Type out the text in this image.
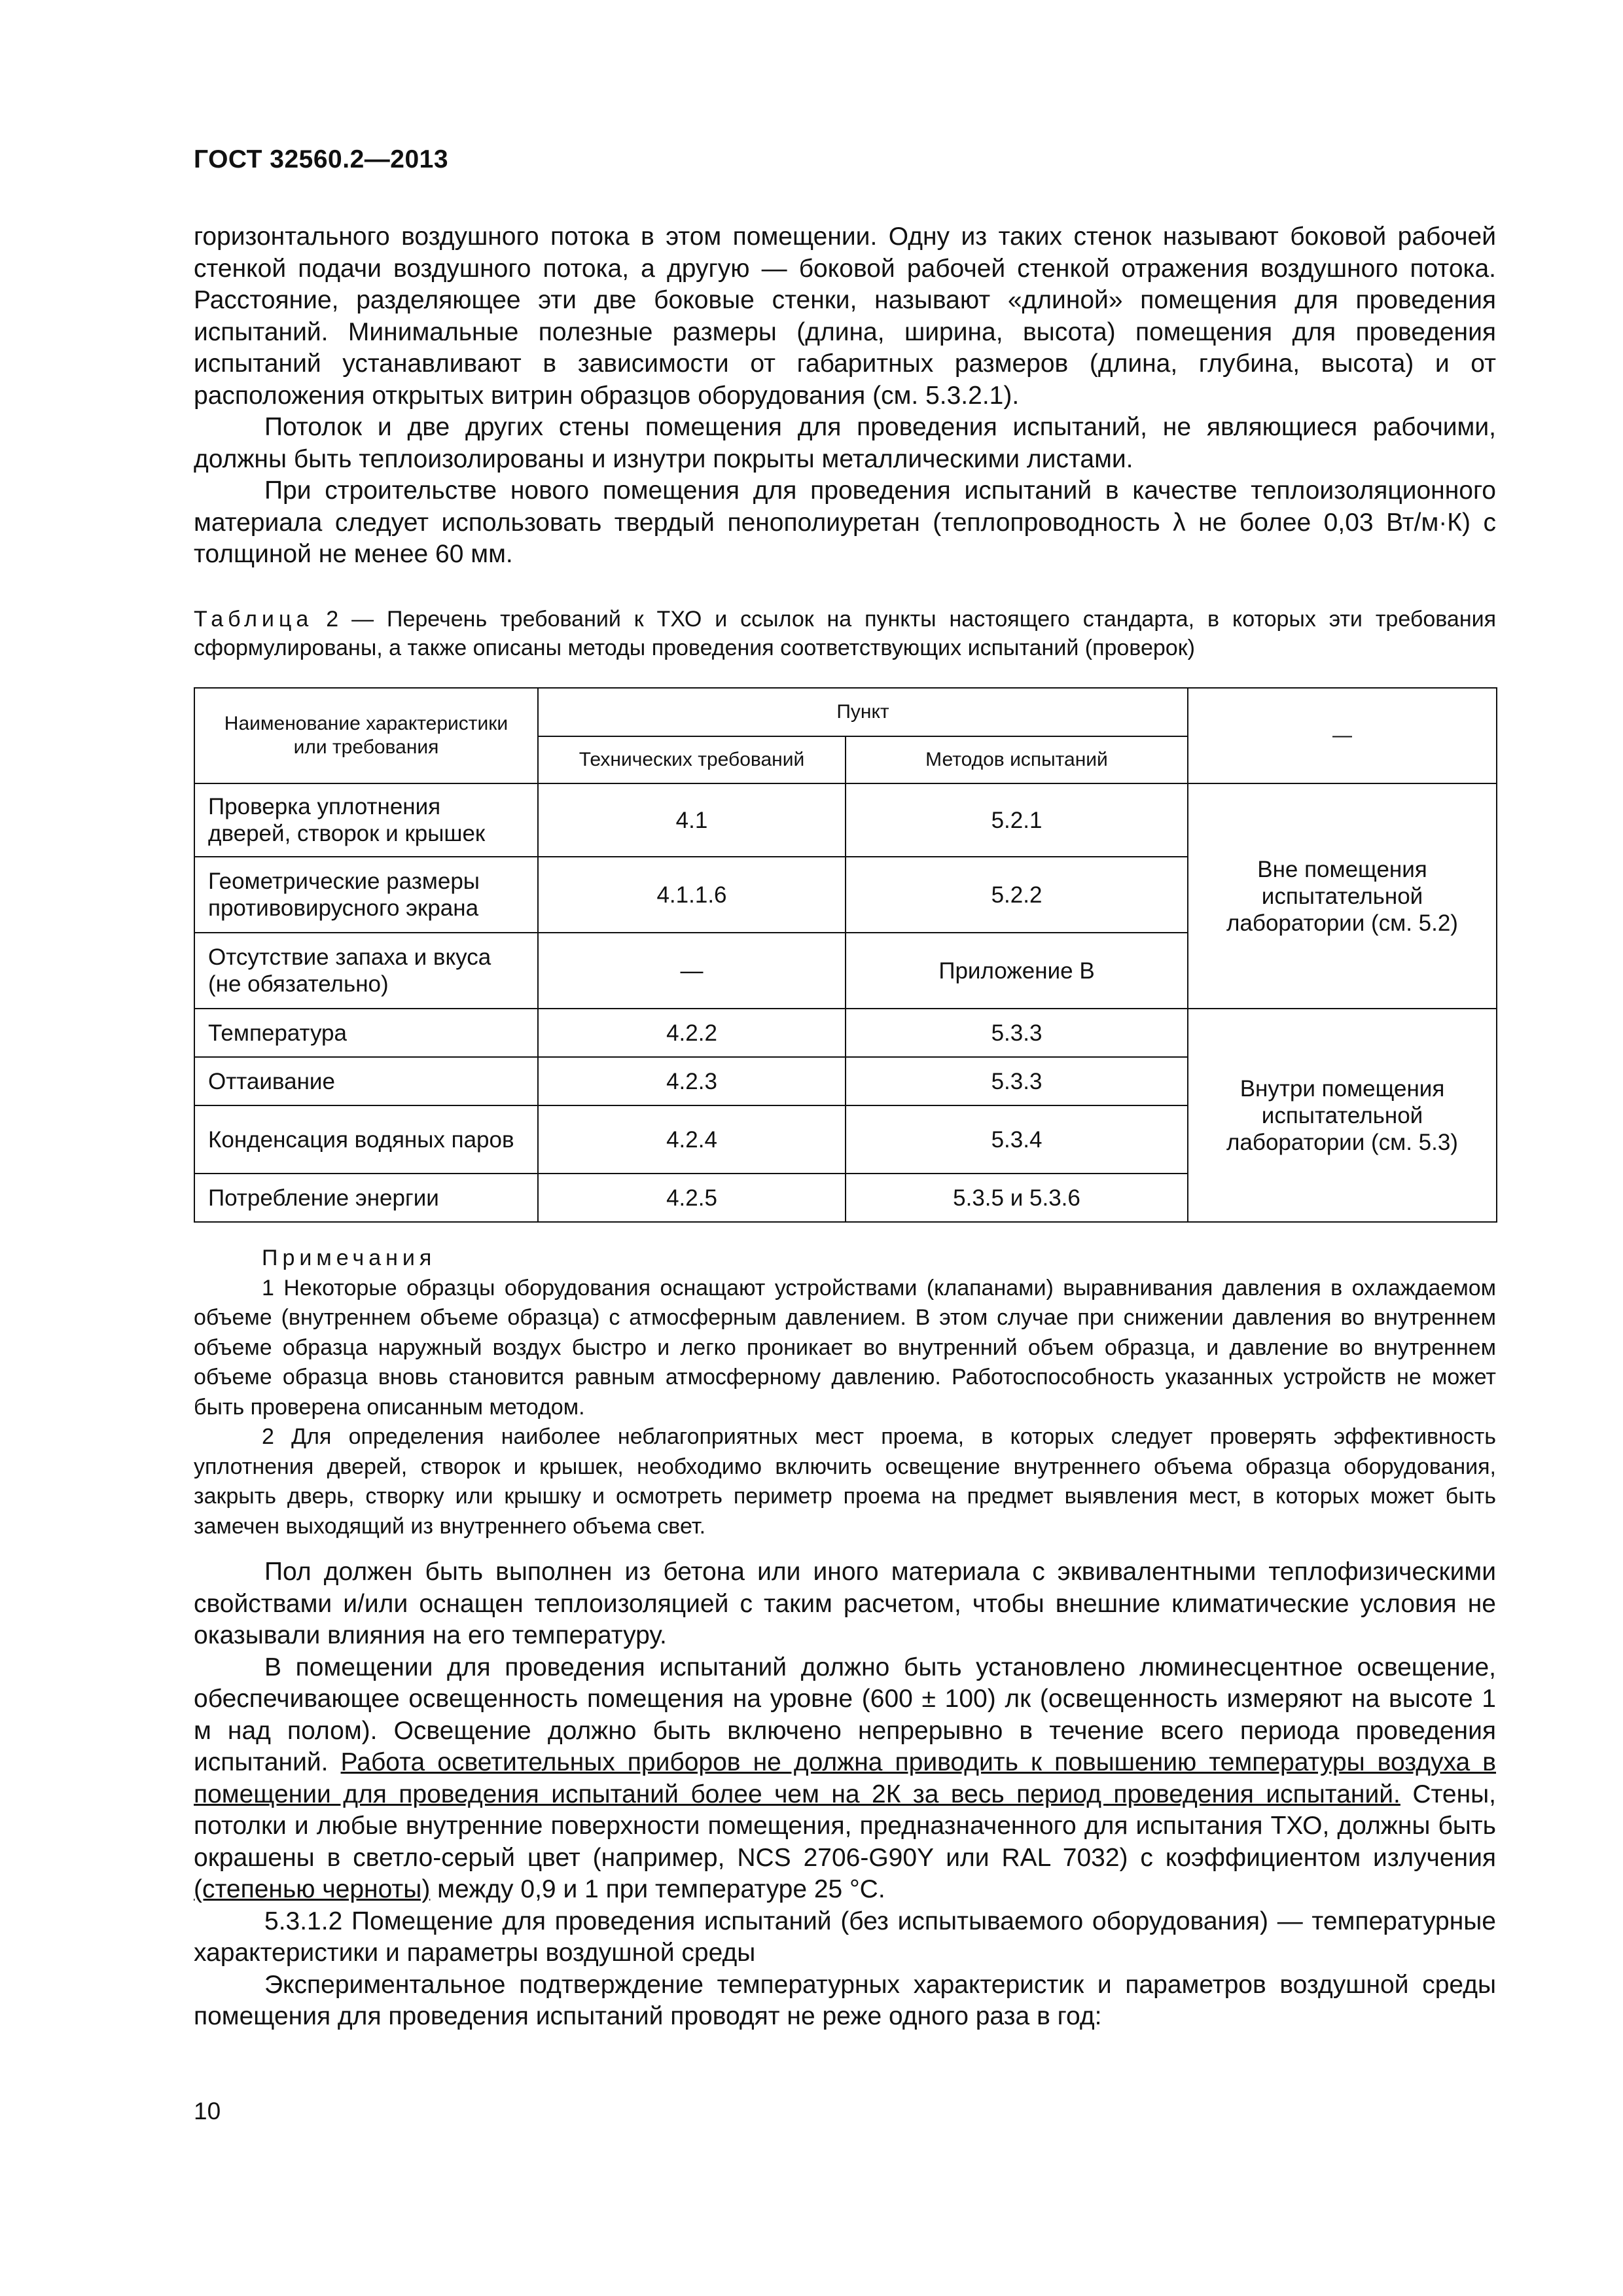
ГОСТ 32560.2—2013

горизонтального воздушного потока в этом помещении. Одну из таких стенок называют боковой рабочей стенкой подачи воздушного потока, а другую — боковой рабочей стенкой отражения воздушного потока. Расстояние, разделяющее эти две боковые стенки, называют «длиной» помещения для проведения испытаний. Минимальные полезные размеры (длина, ширина, высота) помещения для проведения испытаний устанавливают в зависимости от габаритных размеров (длина, глубина, высота) и от расположения открытых витрин образцов оборудования (см. 5.3.2.1).

Потолок и две других стены помещения для проведения испытаний, не являющиеся рабочими, должны быть теплоизолированы и изнутри покрыты металлическими листами.

При строительстве нового помещения для проведения испытаний в качестве теплоизоляционного материала следует использовать твердый пенополиуретан (теплопроводность λ не более 0,03 Вт/м·К) с толщиной не менее 60 мм.

Таблица 2 — Перечень требований к ТХО и ссылок на пункты настоящего стандарта, в которых эти требования сформулированы, а также описаны методы проведения соответствующих испытаний (проверок)
Наименование характеристики или требования	Пункт		—
	Технических требований	Методов испытаний	
Проверка уплотнения дверей, створок и крышек	4.1	5.2.1	Вне помещения испытательной лаборатории (см. 5.2)
Геометрические размеры противовирусного экрана	4.1.1.6	5.2.2	
Отсутствие запаха и вкуса (не обязательно)	—	Приложение В	
Температура	4.2.2	5.3.3	Внутри помещения испытательной лаборатории (см. 5.3)
Оттаивание	4.2.3	5.3.3	
Конденсация водяных паров	4.2.4	5.3.4	
Потребление энергии	4.2.5	5.3.5 и 5.3.6	

Примечания

1 Некоторые образцы оборудования оснащают устройствами (клапанами) выравнивания давления в охлаждаемом объеме (внутреннем объеме образца) с атмосферным давлением. В этом случае при снижении давления во внутреннем объеме образца наружный воздух быстро и легко проникает во внутренний объем образца, и давление во внутреннем объеме образца вновь становится равным атмосферному давлению. Работоспособность указанных устройств не может быть проверена описанным методом.

2 Для определения наиболее неблагоприятных мест проема, в которых следует проверять эффективность уплотнения дверей, створок и крышек, необходимо включить освещение внутреннего объема образца оборудования, закрыть дверь, створку или крышку и осмотреть периметр проема на предмет выявления мест, в которых может быть замечен выходящий из внутреннего объема свет.

Пол должен быть выполнен из бетона или иного материала с эквивалентными теплофизическими свойствами и/или оснащен теплоизоляцией с таким расчетом, чтобы внешние климатические условия не оказывали влияния на его температуру.

В помещении для проведения испытаний должно быть установлено люминесцентное освещение, обеспечивающее освещенность помещения на уровне (600 ± 100) лк (освещенность измеряют на высоте 1 м над полом). Освещение должно быть включено непрерывно в течение всего периода проведения испытаний. Работа осветительных приборов не должна приводить к повышению температуры воздуха в помещении для проведения испытаний более чем на 2К за весь период проведения испытаний. Стены, потолки и любые внутренние поверхности помещения, предназначенного для испытания ТХО, должны быть окрашены в светло-серый цвет (например, NCS 2706-G90Y или RAL 7032) с коэффициентом излучения (степенью черноты) между 0,9 и 1 при температуре 25 °С.

5.3.1.2 Помещение для проведения испытаний (без испытываемого оборудования) — температурные характеристики и параметры воздушной среды

Экспериментальное подтверждение температурных характеристик и параметров воздушной среды помещения для проведения испытаний проводят не реже одного раза в год:

10
